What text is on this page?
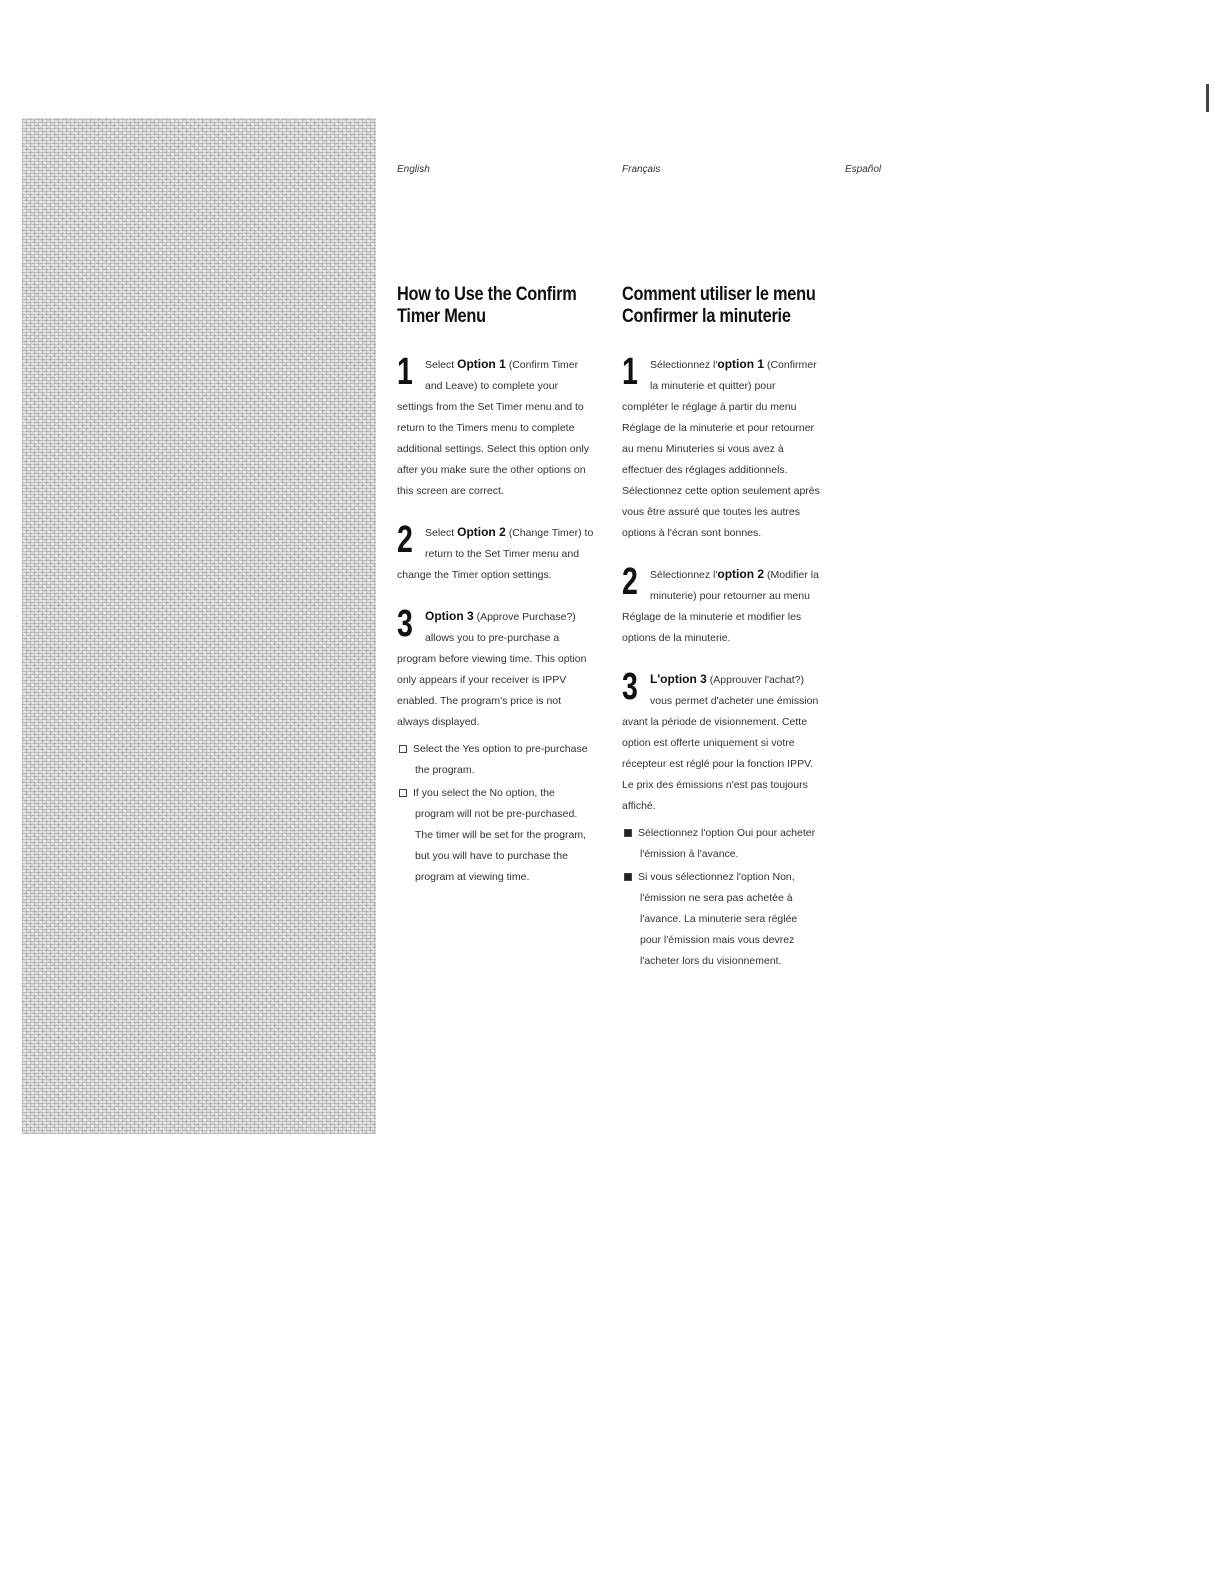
English	Français	Español
How to Use the Confirm Timer Menu
1 Select Option 1 (Confirm Timer and Leave) to complete your settings from the Set Timer menu and to return to the Timers menu to complete additional settings. Select this option only after you make sure the other options on this screen are correct.
2 Select Option 2 (Change Timer) to return to the Set Timer menu and change the Timer option settings.
3 Option 3 (Approve Purchase?) allows you to pre-purchase a program before viewing time. This option only appears if your receiver is IPPV enabled. The program's price is not always displayed.
Select the Yes option to pre-purchase the program.
If you select the No option, the program will not be pre-purchased. The timer will be set for the program, but you will have to purchase the program at viewing time.
Comment utiliser le menu Confirmer la minuterie
1 Sélectionnez l'option 1 (Confirmer la minuterie et quitter) pour compléter le réglage à partir du menu Réglage de la minuterie et pour retourner au menu Minuteries si vous avez à effectuer des réglages additionnels. Sélectionnez cette option seulement après vous être assuré que toutes les autres options à l'écran sont bonnes.
2 Sélectionnez l'option 2 (Modifier la minuterie) pour retourner au menu Réglage de la minuterie et modifier les options de la minuterie.
3 L'option 3 (Approuver l'achat?) vous permet d'acheter une émission avant la période de visionnement. Cette option est offerte uniquement si votre récepteur est réglé pour la fonction IPPV. Le prix des émissions n'est pas toujours affiché.
Sélectionnez l'option Oui pour acheter l'émission à l'avance.
Si vous sélectionnez l'option Non, l'émission ne sera pas achetée à l'avance. La minuterie sera réglée pour l'émission mais vous devrez l'acheter lors du visionnement.
